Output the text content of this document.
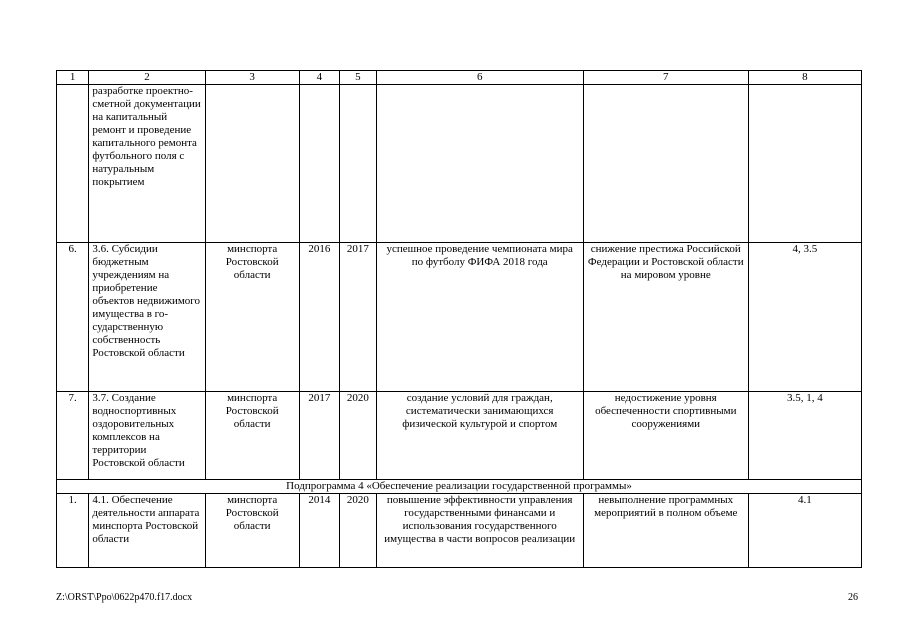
1	2	3	4	5	6	7	8
	разработке проектно-сметной документации на капитальный ремонт и проведение капитального ремонта футбольного поля с натуральным покрытием						
6.	3.6. Субсидии бюджетным учреждениям на приобретение объектов недвижимого имущества в го-сударственную собственность Ростовской области	минспорта Ростовской области	2016	2017	успешное проведение чемпионата мира по футболу ФИФА 2018 года	снижение престижа Российской Федерации и Ростовской области на мировом уровне	4, 3.5
7.	3.7. Создание водноспортивных оздоровительных комплексов на территории Ростовской области	минспорта Ростовской области	2017	2020	создание условий для граждан, систематически занимающихся физической культурой и спортом	недостижение уровня обеспеченности спортивными сооружениями	3.5, 1, 4
Подпрограмма 4 «Обеспечение реализации государственной программы»							
1.	4.1. Обеспечение деятельности аппарата минспорта Ростовской области	минспорта Ростовской области	2014	2020	повышение эффективности управления государственными финансами и использования государственного имущества в части вопросов реализации	невыполнение программных мероприятий в полном объеме	4.1
Z:\ORST\Ppo\0622p470.f17.docx	26
